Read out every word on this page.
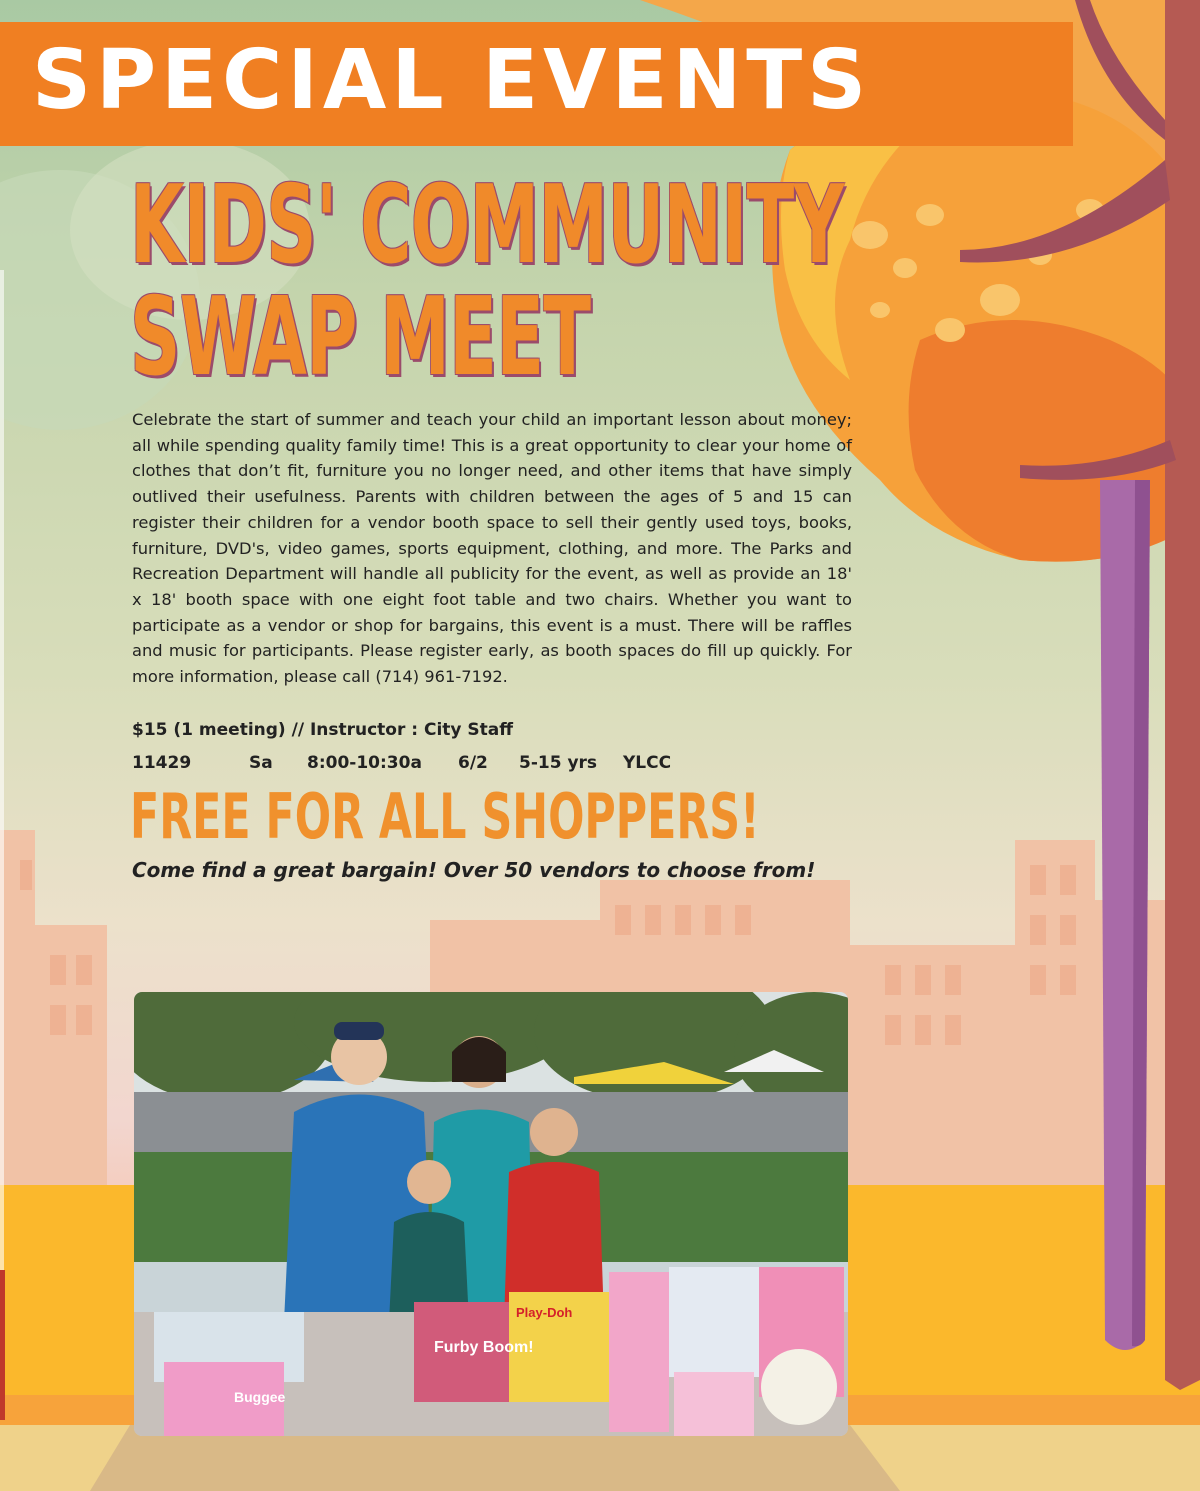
SPECIAL EVENTS
KIDS' COMMUNITY
SWAP MEET

Celebrate the start of summer and teach your child an important lesson about money; all while spending quality family time! This is a great opportunity to clear your home of clothes that don’t fit, furniture you no longer need, and other items that have simply outlived their usefulness. Parents with children between the ages of 5 and 15 can register their children for a vendor booth space to sell their gently used toys, books, furniture, DVD's, video games, sports equipment, clothing, and more. The Parks and Recreation Department will handle all publicity for the event, as well as provide an 18' x 18' booth space with one eight foot table and two chairs. Whether you want to participate as a vendor or shop for bargains, this event is a must. There will be raffles and music for participants. Please register early, as booth spaces do fill up quickly. For more information, please call (714) 961-7192.

$15 (1 meeting) // Instructor : City Staff
11429	Sa 8:00-10:30a 6/2 5-15 yrs YLCC
FREE FOR ALL SHOPPERS!
Come find a great bargain! Over 50 vendors to choose from!
Furby Boom!
Play-Doh
Buggee
